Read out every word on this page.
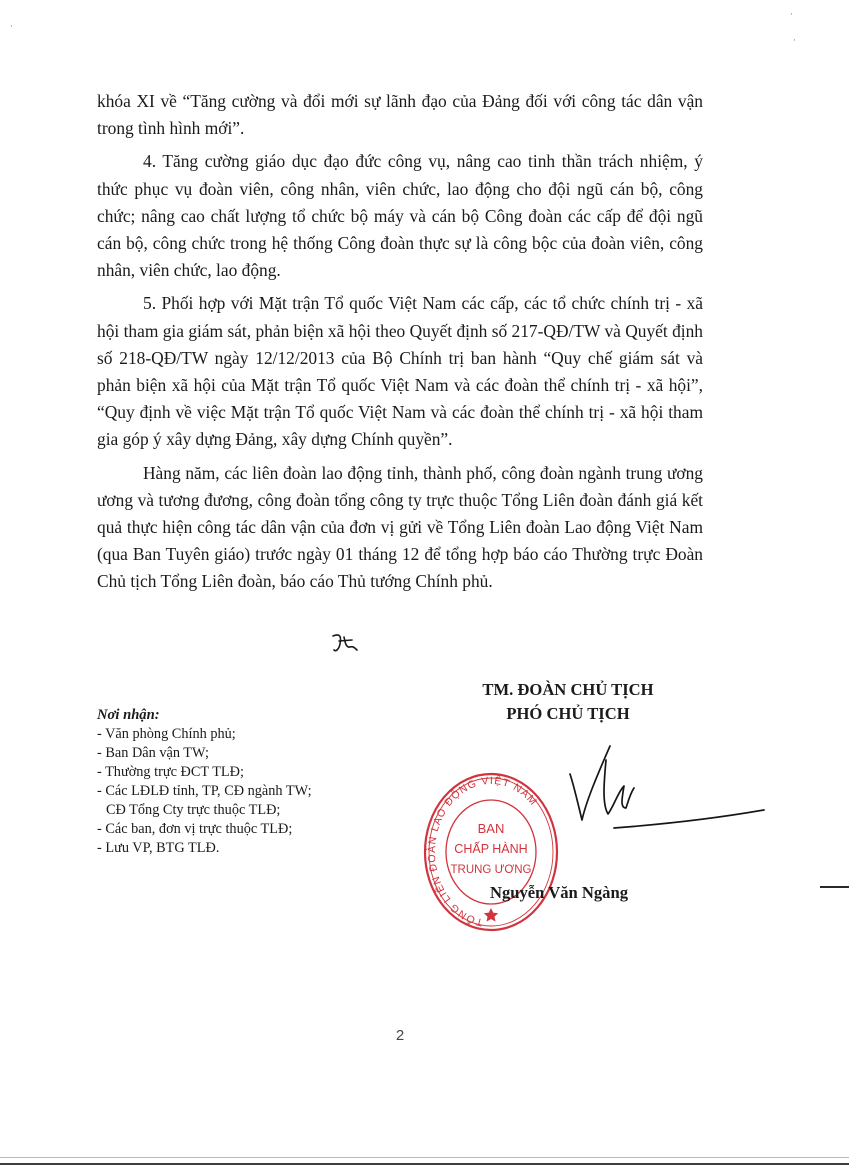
khóa XI về “Tăng cường và đổi mới sự lãnh đạo của Đảng đối với công tác dân vận trong tình hình mới”.

4. Tăng cường giáo dục đạo đức công vụ, nâng cao tinh thần trách nhiệm, ý thức phục vụ đoàn viên, công nhân, viên chức, lao động cho đội ngũ cán bộ, công chức; nâng cao chất lượng tổ chức bộ máy và cán bộ Công đoàn các cấp để đội ngũ cán bộ, công chức trong hệ thống Công đoàn thực sự là công bộc của đoàn viên, công nhân, viên chức, lao động.

5. Phối hợp với Mặt trận Tổ quốc Việt Nam các cấp, các tổ chức chính trị - xã hội tham gia giám sát, phản biện xã hội theo Quyết định số 217-QĐ/TW và Quyết định số 218-QĐ/TW ngày 12/12/2013 của Bộ Chính trị ban hành “Quy chế giám sát và phản biện xã hội của Mặt trận Tổ quốc Việt Nam và các đoàn thể chính trị - xã hội”, “Quy định về việc Mặt trận Tổ quốc Việt Nam và các đoàn thể chính trị - xã hội tham gia góp ý xây dựng Đảng, xây dựng Chính quyền”.

Hàng năm, các liên đoàn lao động tỉnh, thành phố, công đoàn ngành trung ương ương và tương đương, công đoàn tổng công ty trực thuộc Tổng Liên đoàn đánh giá kết quả thực hiện công tác dân vận của đơn vị gửi về Tổng Liên đoàn Lao động Việt Nam (qua Ban Tuyên giáo) trước ngày 01 tháng 12 để tổng hợp báo cáo Thường trực Đoàn Chủ tịch Tổng Liên đoàn, báo cáo Thủ tướng Chính phủ.

TM. ĐOÀN CHỦ TỊCH
PHÓ CHỦ TỊCH
Nơi nhận:
- Văn phòng Chính phủ;
- Ban Dân vận TW;
- Thường trực ĐCT TLĐ;
- Các LĐLĐ tỉnh, TP, CĐ ngành TW;
CĐ Tổng Cty trực thuộc TLĐ;
- Các ban, đơn vị trực thuộc TLĐ;
- Lưu VP, BTG TLĐ.
TỔNG LIÊN ĐOÀN LAO ĐỘNG VIỆT NAM
BAN
CHẤP HÀNH
TRUNG ƯƠNG
Nguyễn Văn Ngàng
2
·
·
·
